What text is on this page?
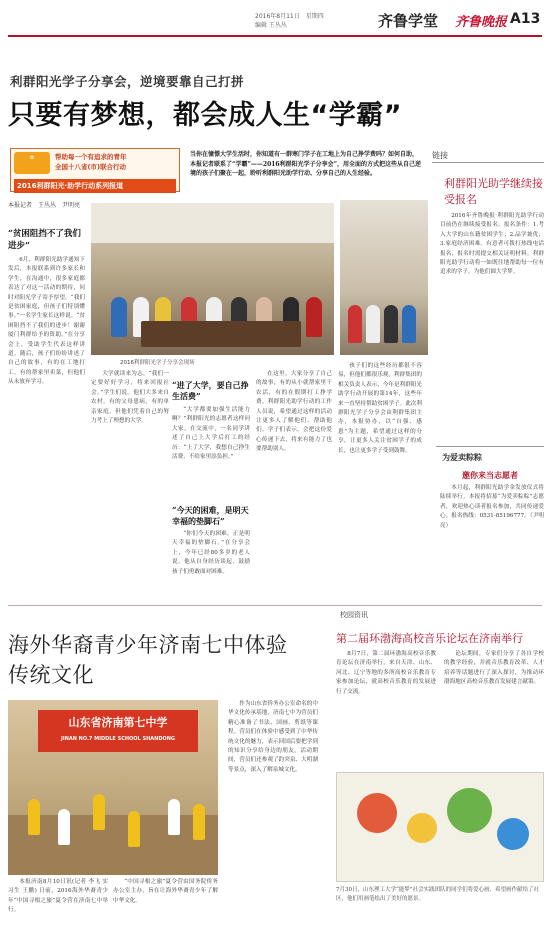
2016年8月11日　星期四
编辑 王丛丛	齐鲁学堂 齐鲁晚报 A13
利群阳光学子分享会，逆境要靠自己打拼
只要有梦想，都会成人生“学霸”
✿	帮助每一个有追求的青年
全国十八省(市)联合行动
2016利群阳光·助学行动系列报道
当你在憧憬大学生活时，你知道有一群寒门学子在工地上为自己挣学费吗？如何自助，本报记者联系了“学霸”——2016利群阳光学子分享会”，用全面的方式把这些从自己逆境的孩子们聚在一起，聆听利群阳光助学行动、分享自己的人生经验。
本报记者　王丛丛　尹明亮
“贫困阻挡不了我们进步”

6月，利群阳光助学通知下发后，本报联系到许多家长和学生，在沟通中，很多家庭都表达了对这一活动的期待，同时对阳光学子寄予厚望。“我们是贫困家庭，但孩子们特别懂事。”一名学生家长这样说。“贫困阻挡不了我们的进步！谢谢厦门利群给予的资助。”在分享会上，受助学生代表这样讲道。随后，孩子们纷纷讲述了自己的故事，有的在工地打工，有的帮家里卖菜，但他们从未放弃学习。

2016利群阳光学子分享会现场

大学就读来为志。“我们一定要好好学习，将来回报社会。”学生们说。他们大多来自农村，有的父母患病，有的单亲家庭，但他们凭着自己的努力考上了理想的大学。

“进了大学，要自己挣生活费”

“大学都要加强生活能力啊？”利群阳光的志愿者这样问大家。在交流中，一名同学讲述了自己上大学后打工的经历：“上了大学，我想自己挣生活费，不给家里添负担。”

“今天的困难，是明天幸福的垫脚石”

“你们今天的困难，正是明天幸福的垫脚石。”在分享会上，今年已经80多岁的老人说。他从自身经历谈起，鼓励孩子们勇敢面对困难。

在这里，大家分享了自己的故事，有的从小就帮家里干农活，有的在假期打工挣学费。利群阳光助学行动的工作人员说，希望通过这样的活动让更多人了解他们、帮助他们。学子们表示，会把这份爱心传递下去，将来有能力了也要帮助别人。

孩子们的这些经历都很不容易，但他们都很乐观。利群集团的相关负责人表示，今年是利群阳光助学行动开展的第14年，这些年来一直坚持帮助贫困学子。此次利群阳光学子分享会由利群集团主办，本报协办，以“自强、感恩”为主题，希望通过这样的分享，让更多人关注贫困学子的成长，也让更多学子受到鼓舞。

链接
利群阳光助学继续接受报名

2016年齐鲁晚报·利群阳光助学行动目前仍在继续接受报名。报名条件：1.考入大学的山东籍贫困学生；2.品学兼优；3.家庭经济困难。有意者可拨打热线电话报名，报名时需提交相关证明材料。利群阳光助学行动将一如既往地帮助每一位有追求的学子，为他们圆大学梦。

为爱卖粽粽
邀你来当志愿者

本月起，利群阳光助学金发放仪式将陆续举行，本报将招募“为爱卖粽粽”志愿者，欢迎热心读者报名参加，共同传递爱心。报名热线：0531-85196777。（尹明亮）

海外华裔青少年济南七中体验传统文化
山东省济南第七中学
JINAN NO.7 MIDDLE SCHOOL SHANDONG

本报济南8月10日讯(记者 李飞 实习生 王鹏) 日前，2016海外华裔青少年“中国寻根之旅”夏令营在济南七中举行。

“中国寻根之旅”夏令营由国务院侨务办公室主办，旨在让海外华裔青少年了解中华文化。

作为山东省侨务办公室命名的中华文化传承基地，济南七中为营员们精心准备了书法、国画、剪纸等课程。营员们在体验中感受到了中华传统文化的魅力，表示回国后要把学到的知识分享给身边的朋友。活动期间，营员们还参观了趵突泉、大明湖等景点，深入了解泉城文化。

校园资讯
第二届环渤海高校音乐论坛在济南举行

8月7日，第二届环渤海高校音乐教育论坛在济南举行，来自天津、山东、河北、辽宁等地的多所高校音乐教育专家参加论坛，就高校音乐教育的发展进行了交流。

论坛期间，专家们分享了各自学校的教学经验，并就音乐教育改革、人才培养等话题进行了深入探讨，为推动环渤海地区高校音乐教育发展建言献策。

7月30日，山东理工大学“能梦”社会实践团队的同学们将爱心画、希望画作献给了社区，他们用画笔绘出了美好的愿景。
